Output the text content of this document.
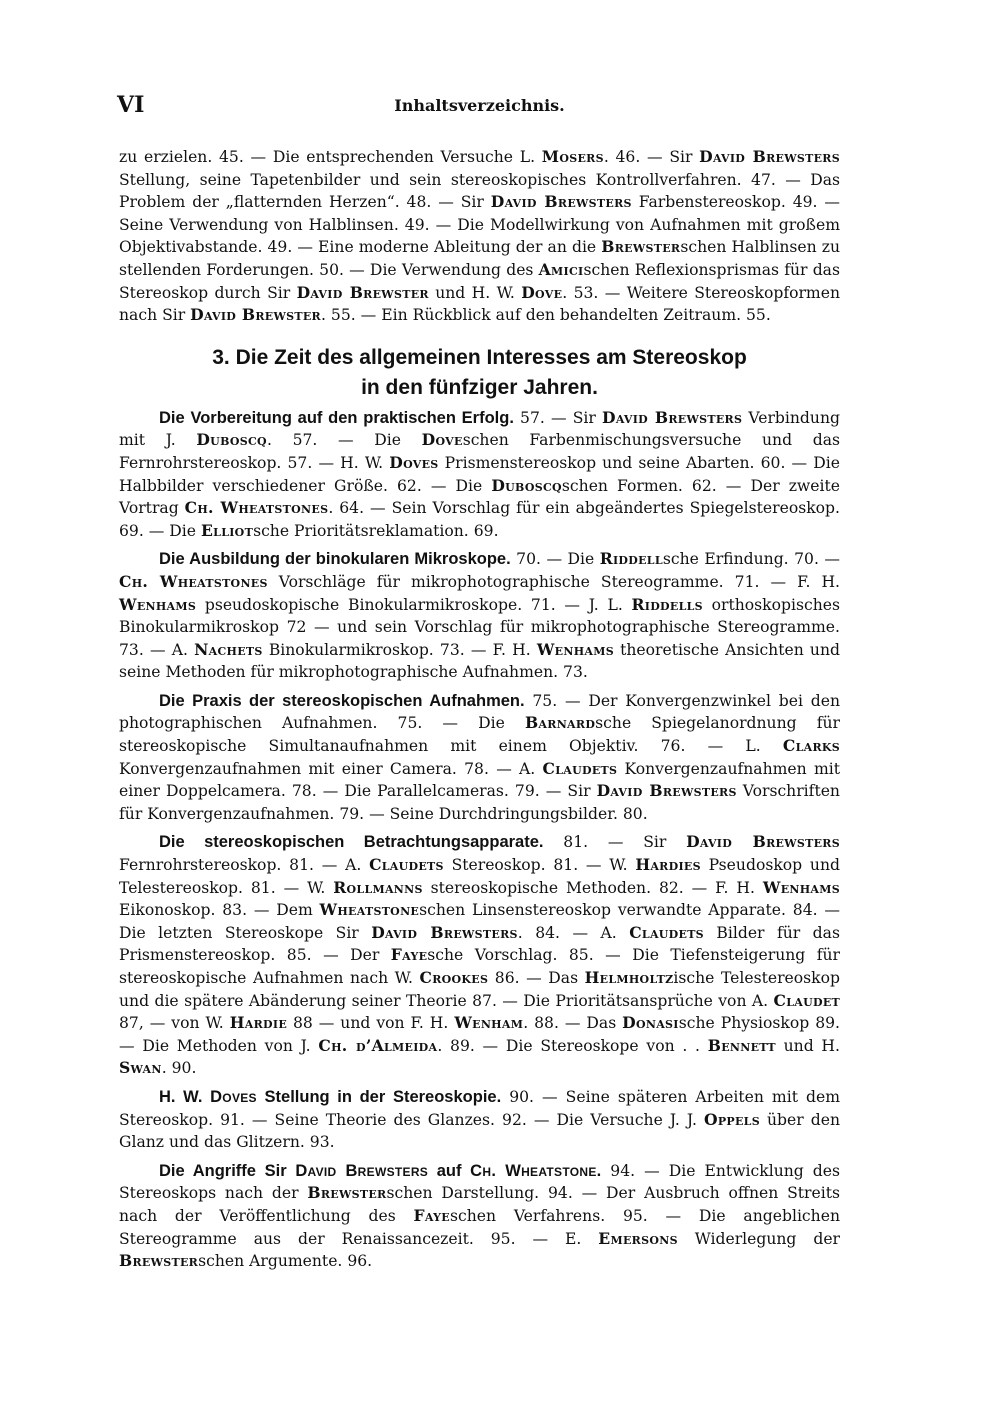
VI	Inhaltsverzeichnis.

zu erzielen. 45. — Die entsprechenden Versuche L. Mosers. 46. — Sir David Brewsters Stellung, seine Tapetenbilder und sein stereoskopisches Kontrollverfahren. 47. — Das Problem der „flatternden Herzen“. 48. — Sir David Brewsters Farbenstereoskop. 49. — Seine Verwendung von Halblinsen. 49. — Die Modellwirkung von Aufnahmen mit großem Objektivabstande. 49. — Eine moderne Ableitung der an die Brewsterschen Halblinsen zu stellenden Forderungen. 50. — Die Verwendung des Amicischen Reflexionsprismas für das Stereoskop durch Sir David Brewster und H. W. Dove. 53. — Weitere Stereoskopformen nach Sir David Brewster. 55. — Ein Rückblick auf den behandelten Zeitraum. 55.

3. Die Zeit des allgemeinen Interesses am Stereoskop
in den fünfziger Jahren.

Die Vorbereitung auf den praktischen Erfolg. 57. — Sir David Brewsters Verbindung mit J. Duboscq. 57. — Die Doveschen Farbenmischungsversuche und das Fernrohrstereoskop. 57. — H. W. Doves Prismenstereoskop und seine Abarten. 60. — Die Halbbilder verschiedener Größe. 62. — Die Duboscqschen Formen. 62. — Der zweite Vortrag Ch. Wheatstones. 64. — Sein Vorschlag für ein abgeändertes Spiegelstereoskop. 69. — Die Elliotsche Prioritätsreklamation. 69.

Die Ausbildung der binokularen Mikroskope. 70. — Die Riddellsche Erfindung. 70. — Ch. Wheatstones Vorschläge für mikrophotographische Stereogramme. 71. — F. H. Wenhams pseudoskopische Binokularmikroskope. 71. — J. L. Riddells orthoskopisches Binokularmikroskop 72 — und sein Vorschlag für mikrophotographische Stereogramme. 73. — A. Nachets Binokularmikroskop. 73. — F. H. Wenhams theoretische Ansichten und seine Methoden für mikrophotographische Aufnahmen. 73.

Die Praxis der stereoskopischen Aufnahmen. 75. — Der Konvergenzwinkel bei den photographischen Aufnahmen. 75. — Die Barnardsche Spiegelanordnung für stereoskopische Simultanaufnahmen mit einem Objektiv. 76. — L. Clarks Konvergenzaufnahmen mit einer Camera. 78. — A. Claudets Konvergenzaufnahmen mit einer Doppelcamera. 78. — Die Parallelcameras. 79. — Sir David Brewsters Vorschriften für Konvergenzaufnahmen. 79. — Seine Durchdringungsbilder. 80.

Die stereoskopischen Betrachtungsapparate. 81. — Sir David Brewsters Fernrohrstereoskop. 81. — A. Claudets Stereoskop. 81. — W. Hardies Pseudoskop und Telestereoskop. 81. — W. Rollmanns stereoskopische Methoden. 82. — F. H. Wenhams Eikonoskop. 83. — Dem Wheatstoneschen Linsenstereoskop verwandte Apparate. 84. — Die letzten Stereoskope Sir David Brewsters. 84. — A. Claudets Bilder für das Prismenstereoskop. 85. — Der Fayesche Vorschlag. 85. — Die Tiefensteigerung für stereoskopische Aufnahmen nach W. Crookes 86. — Das Helmholtzische Telestereoskop und die spätere Abänderung seiner Theorie 87. — Die Prioritätsansprüche von A. Claudet 87, — von W. Hardie 88 — und von F. H. Wenham. 88. — Das Donasische Physioskop 89. — Die Methoden von J. Ch. d’Almeida. 89. — Die Stereoskope von . . Bennett und H. Swan. 90.

H. W. Doves Stellung in der Stereoskopie. 90. — Seine späteren Arbeiten mit dem Stereoskop. 91. — Seine Theorie des Glanzes. 92. — Die Versuche J. J. Oppels über den Glanz und das Glitzern. 93.

Die Angriffe Sir David Brewsters auf Ch. Wheatstone. 94. — Die Entwicklung des Stereoskops nach der Brewsterschen Darstellung. 94. — Der Ausbruch offnen Streits nach der Veröffentlichung des Fayeschen Verfahrens. 95. — Die angeblichen Stereogramme aus der Renaissancezeit. 95. — E. Emersons Widerlegung der Brewsterschen Argumente. 96.
